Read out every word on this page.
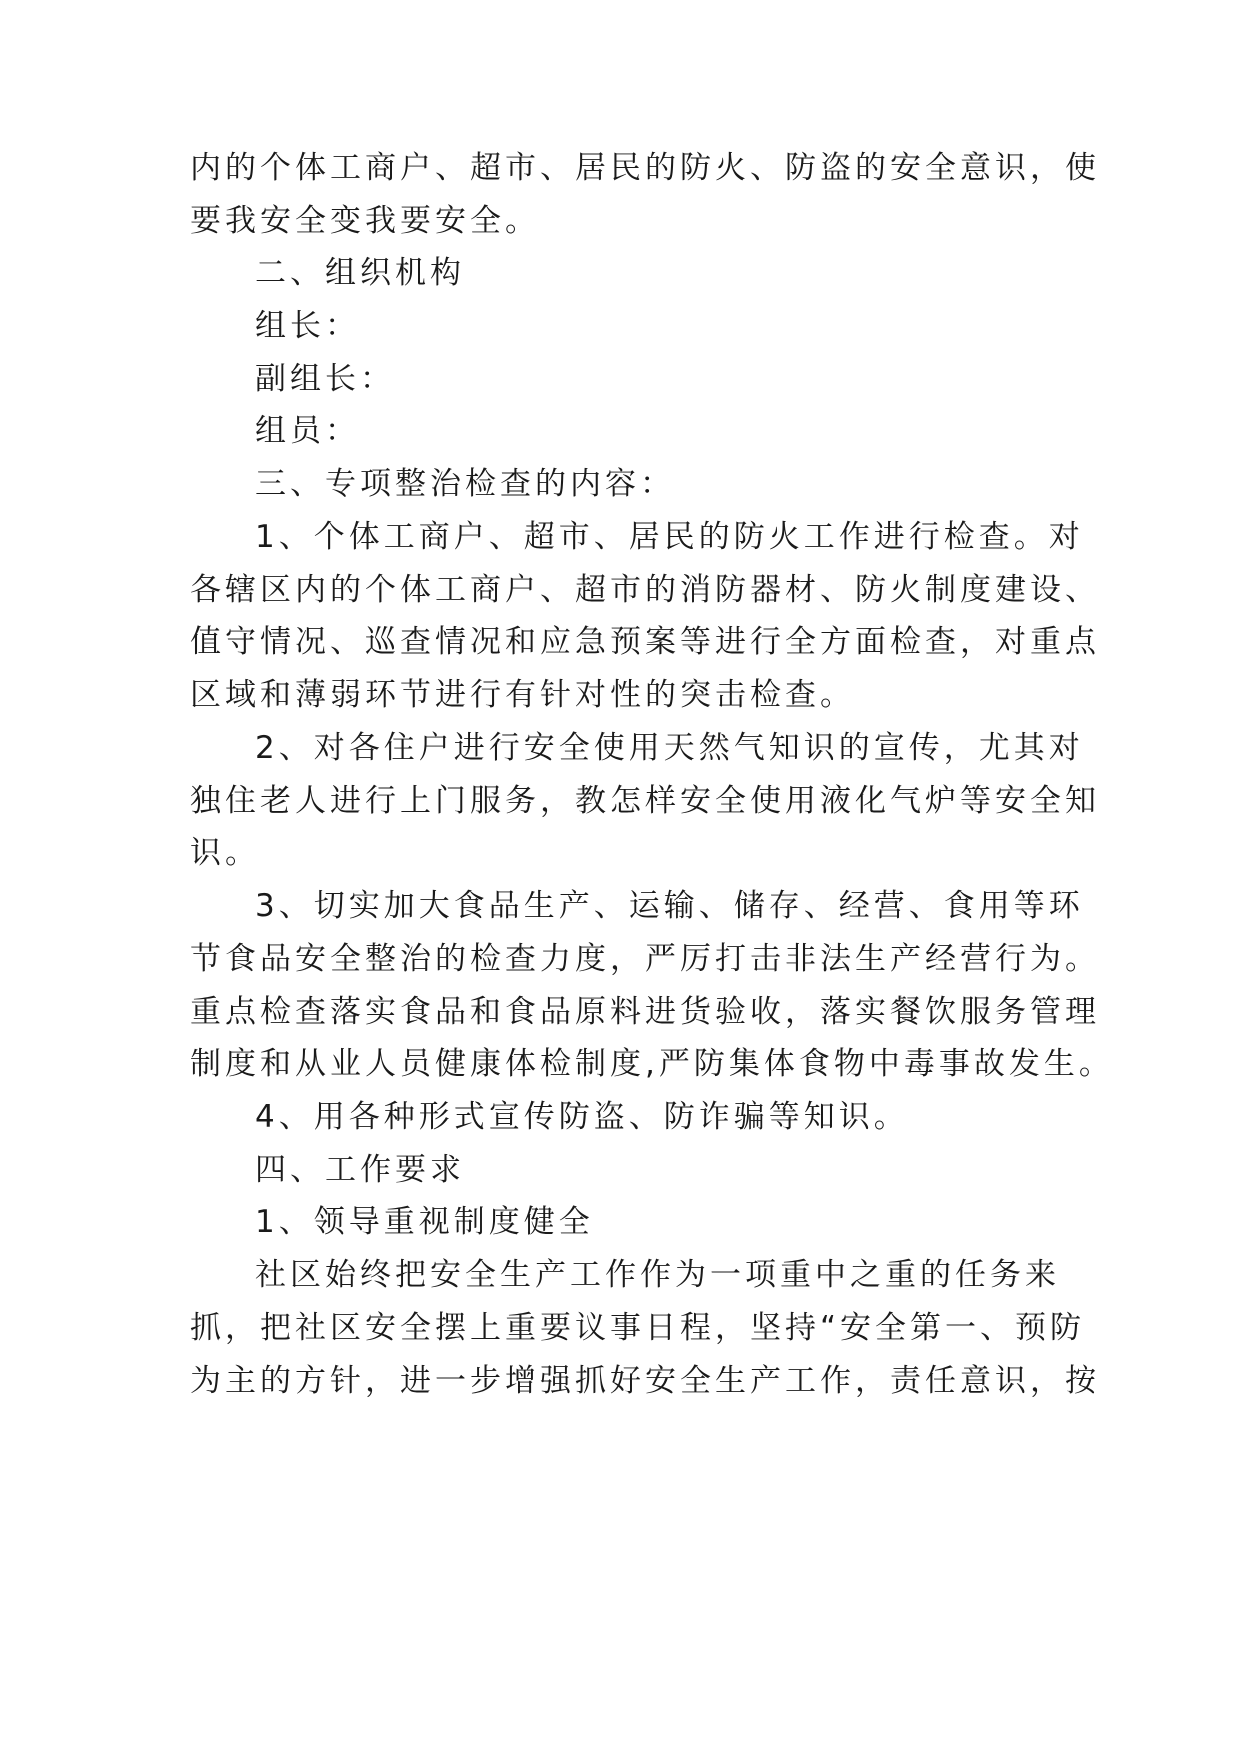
内的个体工商户、超市、居民的防火、防盗的安全意识，使
要我安全变我要安全。
二、组织机构
组长：
副组长：
组员：
三、专项整治检查的内容：
1、个体工商户、超市、居民的防火工作进行检查。对
各辖区内的个体工商户、超市的消防器材、防火制度建设、
值守情况、巡查情况和应急预案等进行全方面检查，对重点
区域和薄弱环节进行有针对性的突击检查。
2、对各住户进行安全使用天然气知识的宣传，尤其对
独住老人进行上门服务，教怎样安全使用液化气炉等安全知
识。
3、切实加大食品生产、运输、储存、经营、食用等环
节食品安全整治的检查力度，严厉打击非法生产经营行为。
重点检查落实食品和食品原料进货验收，落实餐饮服务管理
制度和从业人员健康体检制度,严防集体食物中毒事故发生。
4、用各种形式宣传防盗、防诈骗等知识。
四、工作要求
1、领导重视制度健全
社区始终把安全生产工作作为一项重中之重的任务来
抓，把社区安全摆上重要议事日程，坚持“安全第一、预防
为主的方针，进一步增强抓好安全生产工作，责任意识，按
